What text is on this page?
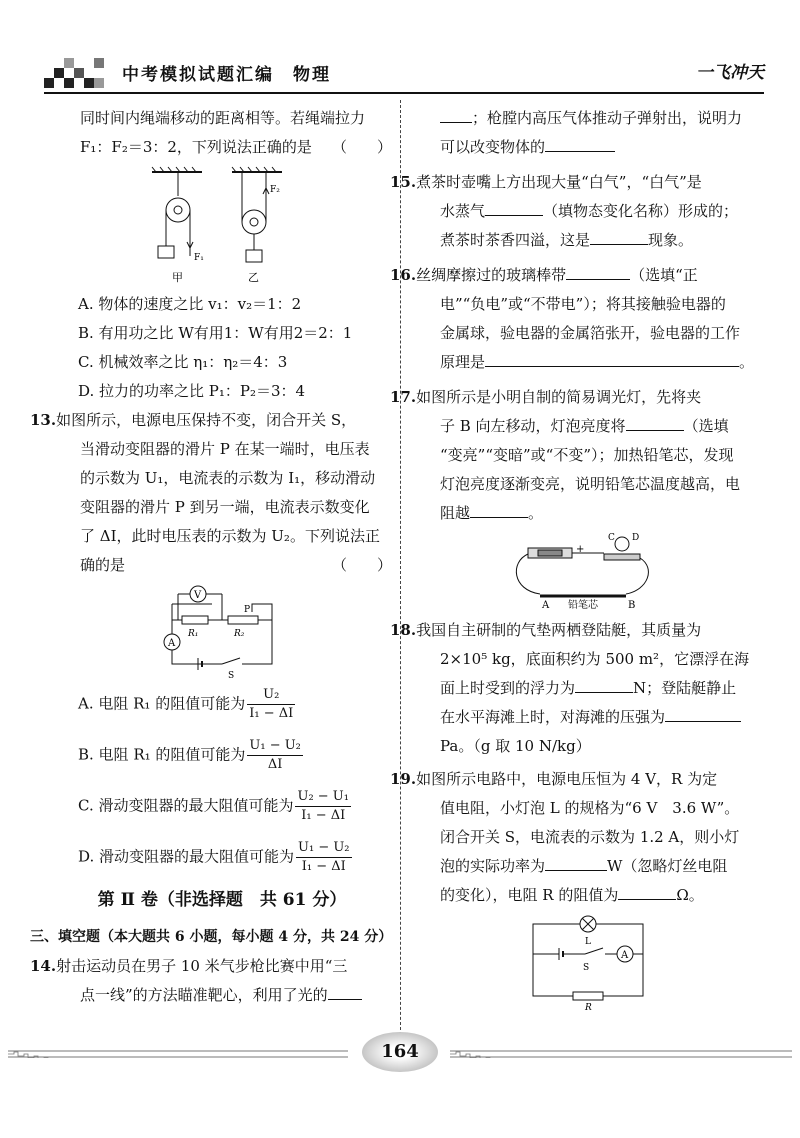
中考模拟试题汇编　物理	一飞冲天

同时间内绳端移动的距离相等。若绳端拉力

F₁：F₂＝3：2，下列说法正确的是 （　　）

F₁
F₂
甲	乙

A. 物体的速度之比 v₁：v₂＝1：2

B. 有用功之比 W有用1：W有用2＝2：1

C. 机械效率之比 η₁：η₂＝4：3

D. 拉力的功率之比 P₁：P₂＝3：4

13.如图所示，电源电压保持不变，闭合开关 S，

当滑动变阻器的滑片 P 在某一端时，电压表

的示数为 U₁，电流表的示数为 I₁，移动滑动

变阻器的滑片 P 到另一端，电流表示数变化

了 ΔI，此时电压表的示数为 U₂。下列说法正

确的是	（　　）

V
P
R₁	R₂
A
S

A. 电阻 R₁ 的阻值可能为 $\frac{\text{U₂}}{\text{I₁ − ΔI}}$

B. 电阻 R₁ 的阻值可能为 $\frac{\text{U₁ − U₂}}{\Delta I}$

C. 滑动变阻器的最大阻值可能为 $\frac{\text{U₂ − U₁}}{\text{I₁ − ΔI}}$

D. 滑动变阻器的最大阻值可能为 $\frac{\text{U₁ − U₂}}{\text{I₁ − ΔI}}$

第 Ⅱ 卷（非选择题　共 61 分）

三、填空题（本大题共 6 小题，每小题 4 分，共 24 分）

14.射击运动员在男子 10 米气步枪比赛中用“三

点一线”的方法瞄准靶心，利用了光的

；枪膛内高压气体推动子弹射出，说明力

可以改变物体的

15.煮茶时壶嘴上方出现大量“白气”，“白气”是

水蒸气	（填物态变化名称）形成的；

煮茶时茶香四溢，这是	现象。

16.丝绸摩擦过的玻璃棒带	（选填“正

电”“负电”或“不带电”）；将其接触验电器的

金属球，验电器的金属箔张开，验电器的工作

原理是	。

17.如图所示是小明自制的简易调光灯，先将夹

子 B 向左移动，灯泡亮度将	（选填

“变亮”“变暗”或“不变”）；加热铅笔芯，发现

灯泡亮度逐渐变亮，说明铅笔芯温度越高，电

阻越	。

+
C D
A 铅笔芯	B

18.我国自主研制的气垫两栖登陆艇，其质量为

2×10⁵ kg，底面积约为 500 m²，它漂浮在海

面上时受到的浮力为	N；登陆艇静止

在水平海滩上时，对海滩的压强为

Pa。（g 取 10 N/kg）

19.如图所示电路中，电源电压恒为 4 V，R 为定

值电阻，小灯泡 L 的规格为“6 V　3.6 W”。

闭合开关 S，电流表的示数为 1.2 A，则小灯

泡的实际功率为	W（忽略灯丝电阻

的变化），电阻 R 的阻值为	Ω。

L
A
S
R
164
